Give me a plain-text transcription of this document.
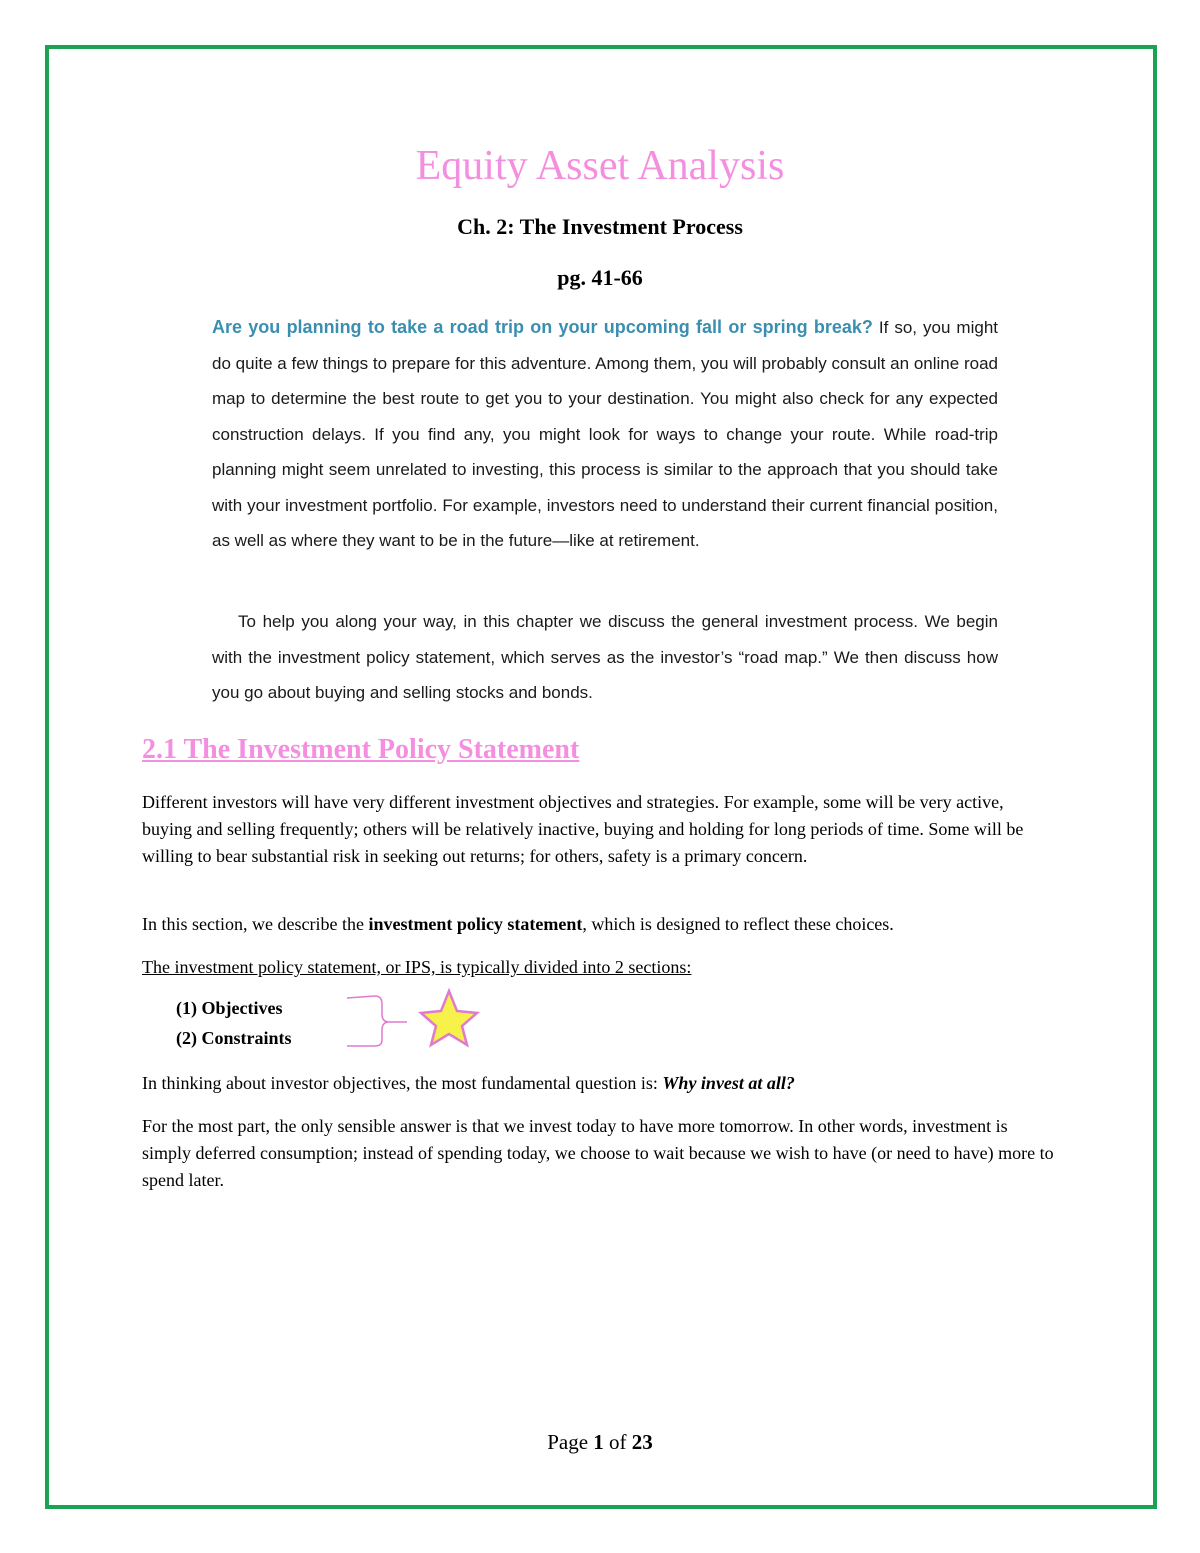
Equity Asset Analysis
Ch. 2: The Investment Process
pg. 41-66

Are you planning to take a road trip on your upcoming fall or spring break? If so, you might do quite a few things to prepare for this adventure. Among them, you will probably consult an online road map to determine the best route to get you to your destination. You might also check for any expected construction delays. If you find any, you might look for ways to change your route. While road-trip planning might seem unrelated to investing, this process is similar to the approach that you should take with your investment portfolio. For example, investors need to understand their current financial position, as well as where they want to be in the future—like at retirement.

To help you along your way, in this chapter we discuss the general investment process. We begin with the investment policy statement, which serves as the investor’s “road map.” We then discuss how you go about buying and selling stocks and bonds.

2.1 The Investment Policy Statement

Different investors will have very different investment objectives and strategies. For example, some will be very active, buying and selling frequently; others will be relatively inactive, buying and holding for long periods of time. Some will be willing to bear substantial risk in seeking out returns; for others, safety is a primary concern.

In this section, we describe the investment policy statement, which is designed to reflect these choices.

The investment policy statement, or IPS, is typically divided into 2 sections:

(1) Objectives
(2) Constraints

In thinking about investor objectives, the most fundamental question is: Why invest at all?

For the most part, the only sensible answer is that we invest today to have more tomorrow. In other words, investment is simply deferred consumption; instead of spending today, we choose to wait because we wish to have (or need to have) more to spend later.

Page 1 of 23
